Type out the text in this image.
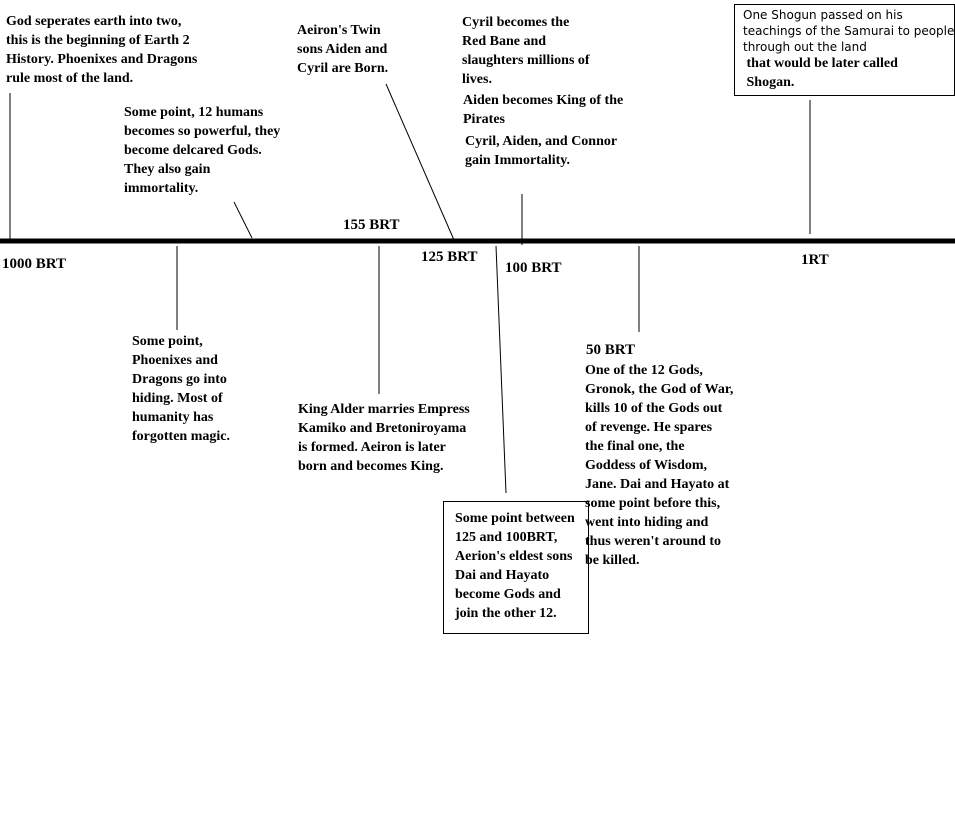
1000 BRT
155 BRT
125 BRT
100 BRT
50 BRT
1RT
God seperates earth into two,
this is the beginning of Earth 2
History. Phoenixes and Dragons
rule most of the land.
Some point, 12 humans
becomes so powerful, they
become delcared Gods.
They also gain
immortality.
Aeiron's Twin
sons Aiden and
Cyril are Born.
Cyril becomes the
Red Bane and
slaughters millions of
lives.
Aiden becomes King of the
Pirates
Cyril, Aiden, and Connor
gain Immortality.
One Shogun passed on his
teachings of the Samurai to people
through out the land
that would be later called
Shogan.
Some point,
Phoenixes and
Dragons go into
hiding. Most of
humanity has
forgotten magic.
King Alder marries Empress
Kamiko and Bretoniroyama
is formed. Aeiron is later
born and becomes King.
Some point between
125 and 100BRT,
Aerion's eldest sons
Dai and Hayato
become Gods and
join the other 12.
One of the 12 Gods,
Gronok, the God of War,
kills 10 of the Gods out
of revenge. He spares
the final one, the
Goddess of Wisdom,
Jane. Dai and Hayato at
some point before this,
went into hiding and
thus weren't around to
be killed.
